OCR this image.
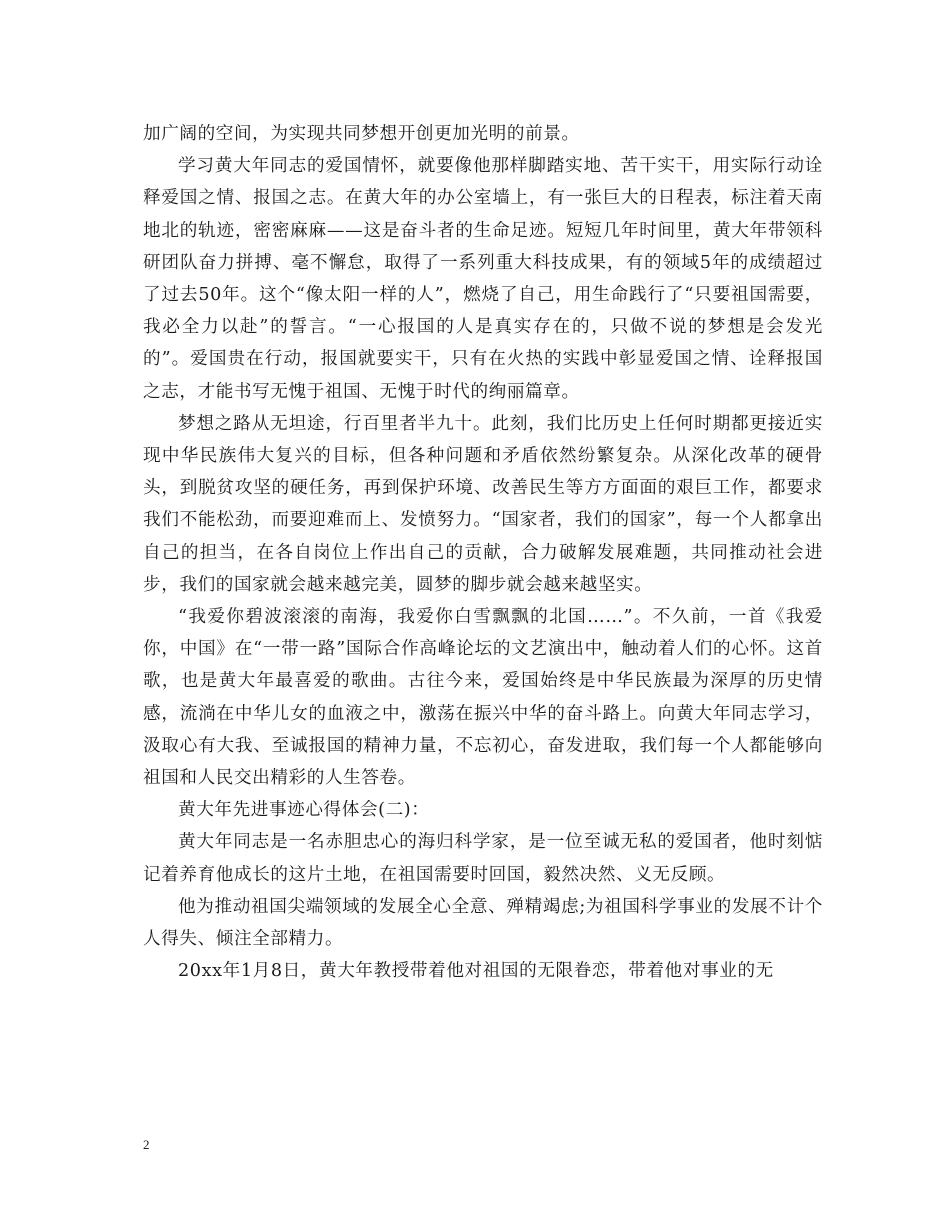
加广阔的空间，为实现共同梦想开创更加光明的前景。

学习黄大年同志的爱国情怀，就要像他那样脚踏实地、苦干实干，用实际行动诠释爱国之情、报国之志。在黄大年的办公室墙上，有一张巨大的日程表，标注着天南地北的轨迹，密密麻麻——这是奋斗者的生命足迹。短短几年时间里，黄大年带领科研团队奋力拼搏、毫不懈怠，取得了一系列重大科技成果，有的领域5年的成绩超过了过去50年。这个“像太阳一样的人”，燃烧了自己，用生命践行了“只要祖国需要，我必全力以赴”的誓言。“一心报国的人是真实存在的，只做不说的梦想是会发光的”。爱国贵在行动，报国就要实干，只有在火热的实践中彰显爱国之情、诠释报国之志，才能书写无愧于祖国、无愧于时代的绚丽篇章。

梦想之路从无坦途，行百里者半九十。此刻，我们比历史上任何时期都更接近实现中华民族伟大复兴的目标，但各种问题和矛盾依然纷繁复杂。从深化改革的硬骨头，到脱贫攻坚的硬任务，再到保护环境、改善民生等方方面面的艰巨工作，都要求我们不能松劲，而要迎难而上、发愤努力。“国家者，我们的国家”，每一个人都拿出自己的担当，在各自岗位上作出自己的贡献，合力破解发展难题，共同推动社会进步，我们的国家就会越来越完美，圆梦的脚步就会越来越坚实。

“我爱你碧波滚滚的南海，我爱你白雪飘飘的北国……”。不久前，一首《我爱你，中国》在“一带一路”国际合作高峰论坛的文艺演出中，触动着人们的心怀。这首歌，也是黄大年最喜爱的歌曲。古往今来，爱国始终是中华民族最为深厚的历史情感，流淌在中华儿女的血液之中，激荡在振兴中华的奋斗路上。向黄大年同志学习，汲取心有大我、至诚报国的精神力量，不忘初心，奋发进取，我们每一个人都能够向祖国和人民交出精彩的人生答卷。

黄大年先进事迹心得体会(二)：

黄大年同志是一名赤胆忠心的海归科学家，是一位至诚无私的爱国者，他时刻惦记着养育他成长的这片土地，在祖国需要时回国，毅然决然、义无反顾。

他为推动祖国尖端领域的发展全心全意、殚精竭虑;为祖国科学事业的发展不计个人得失、倾注全部精力。

20xx年1月8日，黄大年教授带着他对祖国的无限眷恋，带着他对事业的无

2
